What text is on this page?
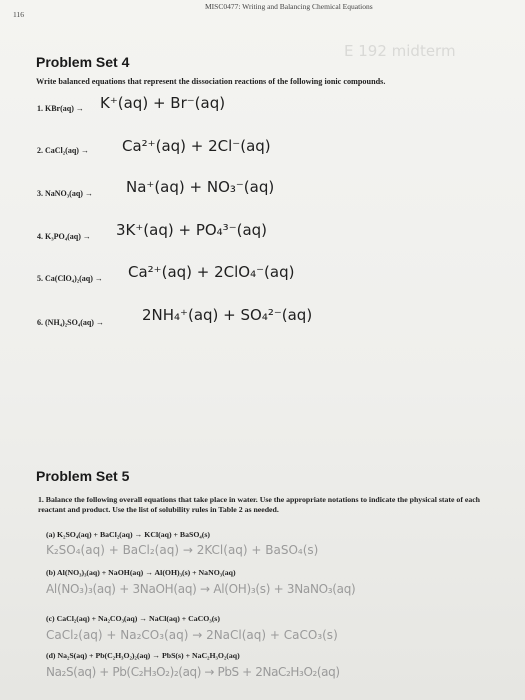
116
MISC0477: Writing and Balancing Chemical Equations
E 192 midterm
Problem Set 4
Write balanced equations that represent the dissociation reactions of the following ionic compounds.
1. KBr(aq) → K⁺(aq) + Br⁻(aq)
2. CaCl₂(aq) → Ca²⁺(aq) + 2Cl⁻(aq)
3. NaNO₃(aq) → Na⁺(aq) + NO₃⁻(aq)
4. K₃PO₄(aq) → 3K⁺(aq) + PO₄³⁻(aq)
5. Ca(ClO₄)₂(aq) → Ca²⁺(aq) + 2ClO₄⁻(aq)
6. (NH₄)₂SO₄(aq) →	2NH₄⁺(aq) + SO₄²⁻(aq)
Problem Set 5
1. Balance the following overall equations that take place in water. Use the appropriate notations to indicate the physical state of each reactant and product. Use the list of solubility rules in Table 2 as needed.
(a) K₂SO₄(aq) + BaCl₂(aq) → KCl(aq) + BaSO₄(s)
K₂SO₄(aq) + BaCl₂(aq) → 2KCl(aq) + BaSO₄(s)
(b) Al(NO₃)₃(aq) + NaOH(aq) → Al(OH)₃(s) + NaNO₃(aq)
Al(NO₃)₃(aq) + 3NaOH(aq) → Al(OH)₃(s) + 3NaNO₃(aq)
(c) CaCl₂(aq) + Na₂CO₃(aq) → NaCl(aq) + CaCO₃(s)
CaCl₂(aq) + Na₂CO₃(aq) → 2NaCl(aq) + CaCO₃(s)
(d) Na₂S(aq) + Pb(C₂H₃O₂)₂(aq) → PbS(s) + NaC₂H₃O₂(aq)
Na₂S(aq) + Pb(C₂H₃O₂)₂(aq) → PbS + 2NaC₂H₃O₂(aq)
